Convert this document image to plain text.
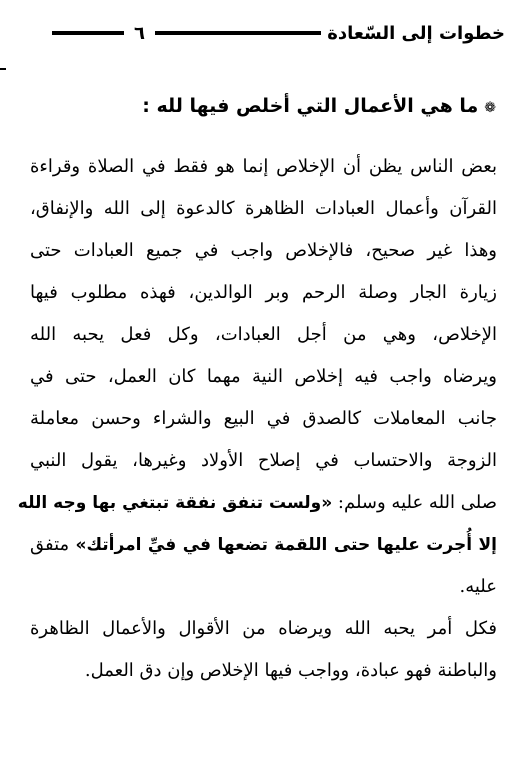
خطوات إلى السّعادة
٦
❁ما هي الأعمال التي أخلص فيها لله :
بعض الناس يظن أن الإخلاص إنما هو فقط في الصلاة وقراءة
القرآن وأعمال العبادات الظاهرة كالدعوة إلى الله والإنفاق،
وهذا غير صحيح، فالإخلاص واجب في جميع العبادات حتى
زيارة الجار وصلة الرحم وبر الوالدين، فهذه مطلوب فيها
الإخلاص، وهي من أجل العبادات، وكل فعل يحبه الله
ويرضاه واجب فيه إخلاص النية مهما كان العمل، حتى في
جانب المعاملات كالصدق في البيع والشراء وحسن معاملة
الزوجة والاحتساب في إصلاح الأولاد وغيرها، يقول النبي
صلى الله عليه وسلم: «ولست تنفق نفقة تبتغي بها وجه الله
إلا أُجرت عليها حتى اللقمة تضعها في فيِّ امرأتك» متفق
عليه.
فكل أمر يحبه الله ويرضاه من الأقوال والأعمال الظاهرة
والباطنة فهو عبادة، وواجب فيها الإخلاص وإن دق العمل.
